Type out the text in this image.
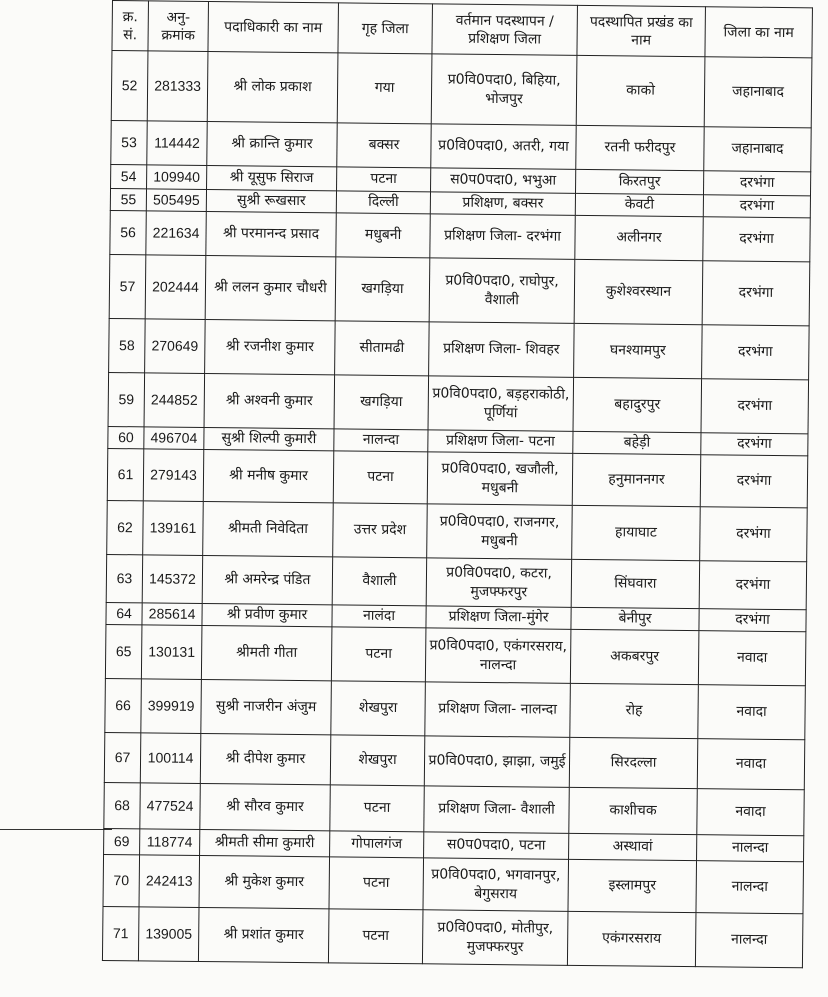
क्र. सं.	अनु- क्रमांक	पदाधिकारी का नाम	गृह जिला	वर्तमान पदस्थापन / प्रशिक्षण जिला	पदस्थापित प्रखंड का नाम	जिला का नाम
52	281333	श्री लोक प्रकाश	गया	प्र0वि0पदा0, बिहिया, भोजपुर	काको	जहानाबाद
53	114442	श्री क्रान्ति कुमार	बक्सर	प्र0वि0पदा0, अतरी, गया	रतनी फरीदपुर	जहानाबाद
54	109940	श्री यूसुफ सिराज	पटना	स0प0पदा0, भभुआ	किरतपुर	दरभंगा
55	505495	सुश्री रूखसार	दिल्ली	प्रशिक्षण, बक्सर	केवटी	दरभंगा
56	221634	श्री परमानन्द प्रसाद	मधुबनी	प्रशिक्षण जिला- दरभंगा	अलीनगर	दरभंगा
57	202444	श्री ललन कुमार चौधरी	खगड़िया	प्र0वि0पदा0, राघोपुर, वैशाली	कुशेश्वरस्थान	दरभंगा
58	270649	श्री रजनीश कुमार	सीतामढी	प्रशिक्षण जिला- शिवहर	घनश्यामपुर	दरभंगा
59	244852	श्री अश्वनी कुमार	खगड़िया	प्र0वि0पदा0, बड़हराकोठी, पूर्णियां	बहादुरपुर	दरभंगा
60	496704	सुश्री शिल्पी कुमारी	नालन्दा	प्रशिक्षण जिला- पटना	बहेड़ी	दरभंगा
61	279143	श्री मनीष कुमार	पटना	प्र0वि0पदा0, खजौली, मधुबनी	हनुमाननगर	दरभंगा
62	139161	श्रीमती निवेदिता	उत्तर प्रदेश	प्र0वि0पदा0, राजनगर, मधुबनी	हायाघाट	दरभंगा
63	145372	श्री अमरेन्द्र पंडित	वैशाली	प्र0वि0पदा0, कटरा, मुजफ्फरपुर	सिंघवारा	दरभंगा
64	285614	श्री प्रवीण कुमार	नालंदा	प्रशिक्षण जिला-मुंगेर	बेनीपुर	दरभंगा
65	130131	श्रीमती गीता	पटना	प्र0वि0पदा0, एकंगरसराय, नालन्दा	अकबरपुर	नवादा
66	399919	सुश्री नाजरीन अंजुम	शेखपुरा	प्रशिक्षण जिला- नालन्दा	रोह	नवादा
67	100114	श्री दीपेश कुमार	शेखपुरा	प्र0वि0पदा0, झाझा, जमुई	सिरदल्ला	नवादा
68	477524	श्री सौरव कुमार	पटना	प्रशिक्षण जिला- वैशाली	काशीचक	नवादा
69	118774	श्रीमती सीमा कुमारी	गोपालगंज	स0प0पदा0, पटना	अस्थावां	नालन्दा
70	242413	श्री मुकेश कुमार	पटना	प्र0वि0पदा0, भगवानपुर, बेगुसराय	इस्लामपुर	नालन्दा
71	139005	श्री प्रशांत कुमार	पटना	प्र0वि0पदा0, मोतीपुर, मुजफ्फरपुर	एकंगरसराय	नालन्दा
